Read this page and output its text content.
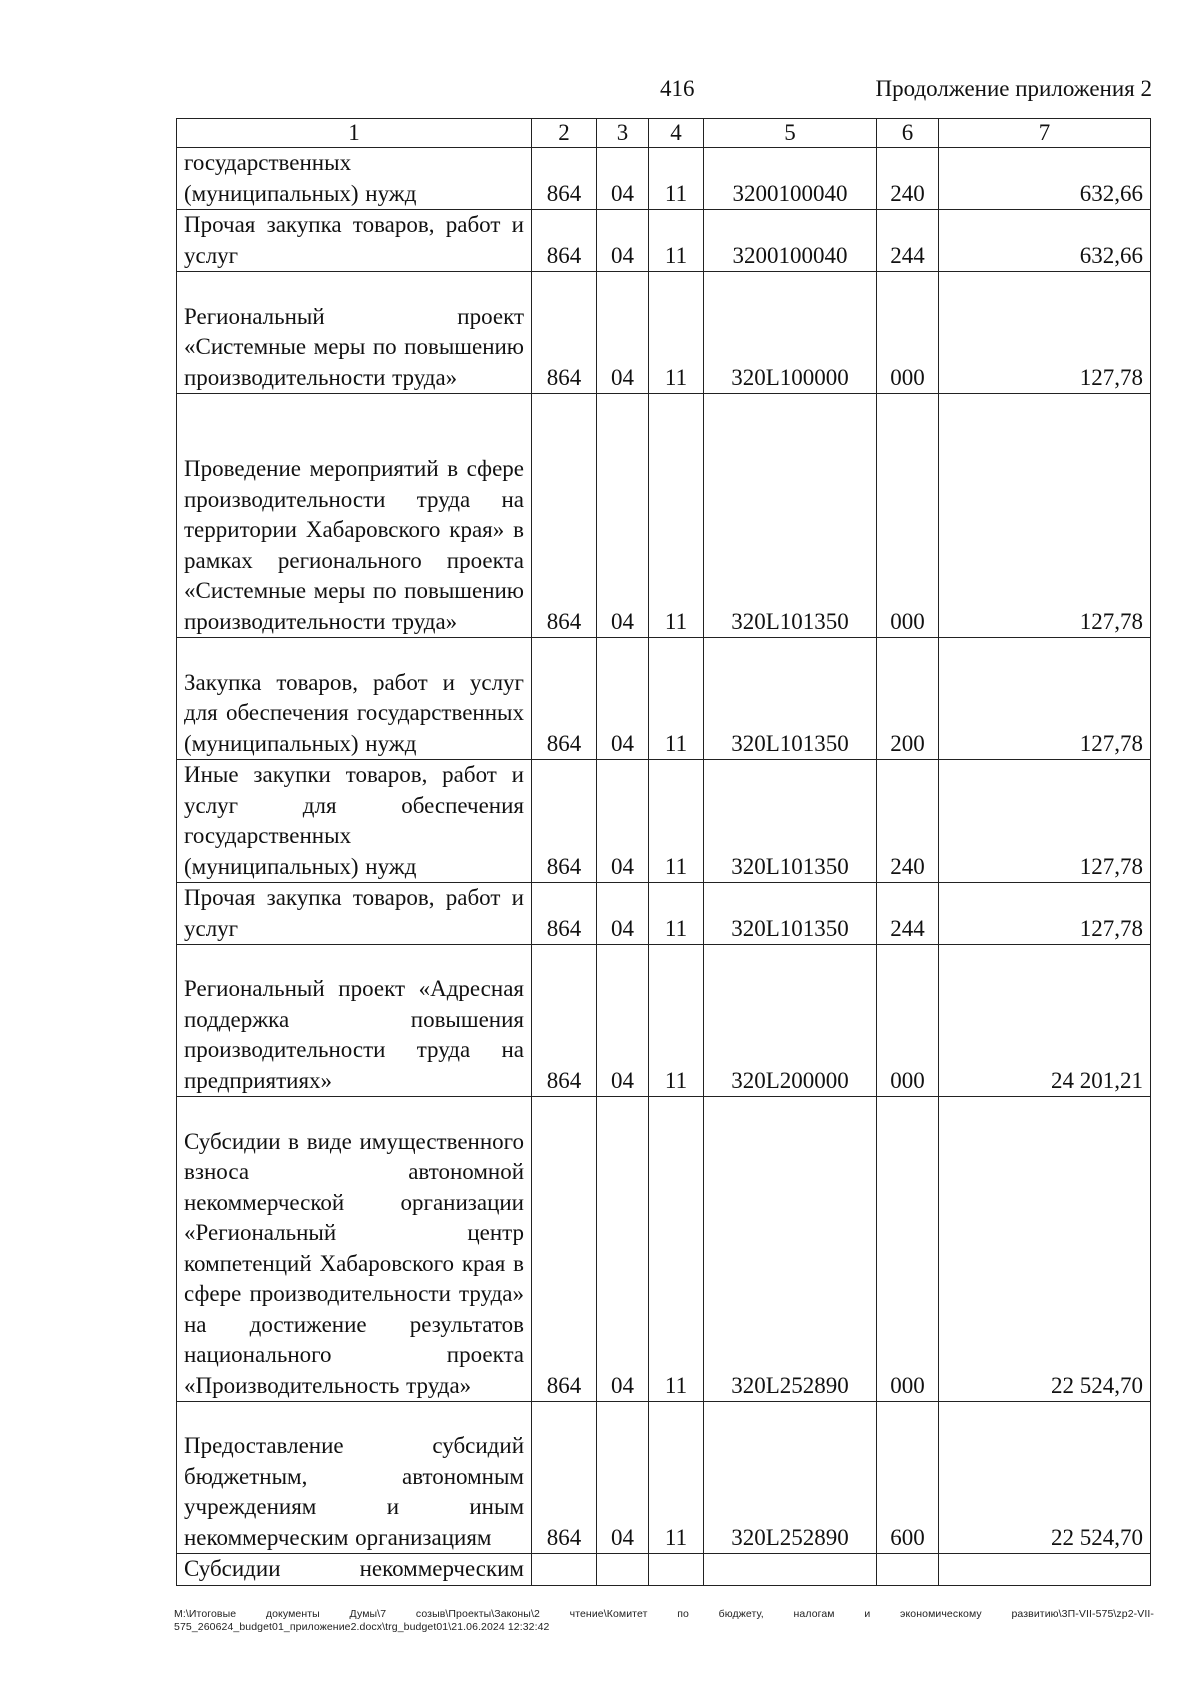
416	Продолжение приложения 2
1	2	3	4	5	6	7
государственных (муниципальных) нужд	864	04	11	3200100040	240	632,66
Прочая закупка товаров, работ и услуг	864	04	11	3200100040	244	632,66
Региональный проект «Системные меры по повышению производительности труда»	864	04	11	320L100000	000	127,78
Проведение мероприятий в сфере производительности труда на территории Хабаровского края» в рамках регионального проекта «Системные меры по повышению производительности труда»	864	04	11	320L101350	000	127,78
Закупка товаров, работ и услуг для обеспечения государственных (муниципальных) нужд	864	04	11	320L101350	200	127,78
Иные закупки товаров, работ и услуг для обеспечения государственных (муниципальных) нужд	864	04	11	320L101350	240	127,78
Прочая закупка товаров, работ и услуг	864	04	11	320L101350	244	127,78
Региональный проект «Адресная поддержка повышения производительности труда на предприятиях»	864	04	11	320L200000	000	24 201,21
Субсидии в виде имущественного взноса автономной некоммерческой организации «Региональный центр компетенций Хабаровского края в сфере производительности труда» на достижение результатов национального проекта «Производительность труда»	864	04	11	320L252890	000	22 524,70
Предоставление субсидий бюджетным, автономным учреждениям и иным некоммерческим организациям	864	04	11	320L252890	600	22 524,70
Субсидии некоммерческим						
М:\Итоговые документы Думы\7 созыв\Проекты\Законы\2 чтение\Комитет по бюджету, налогам и экономическому развитию\3П-VII-575\zp2-VII-575_260624_budget01_приложение2.docx\trg_budget01\21.06.2024 12:32:42
